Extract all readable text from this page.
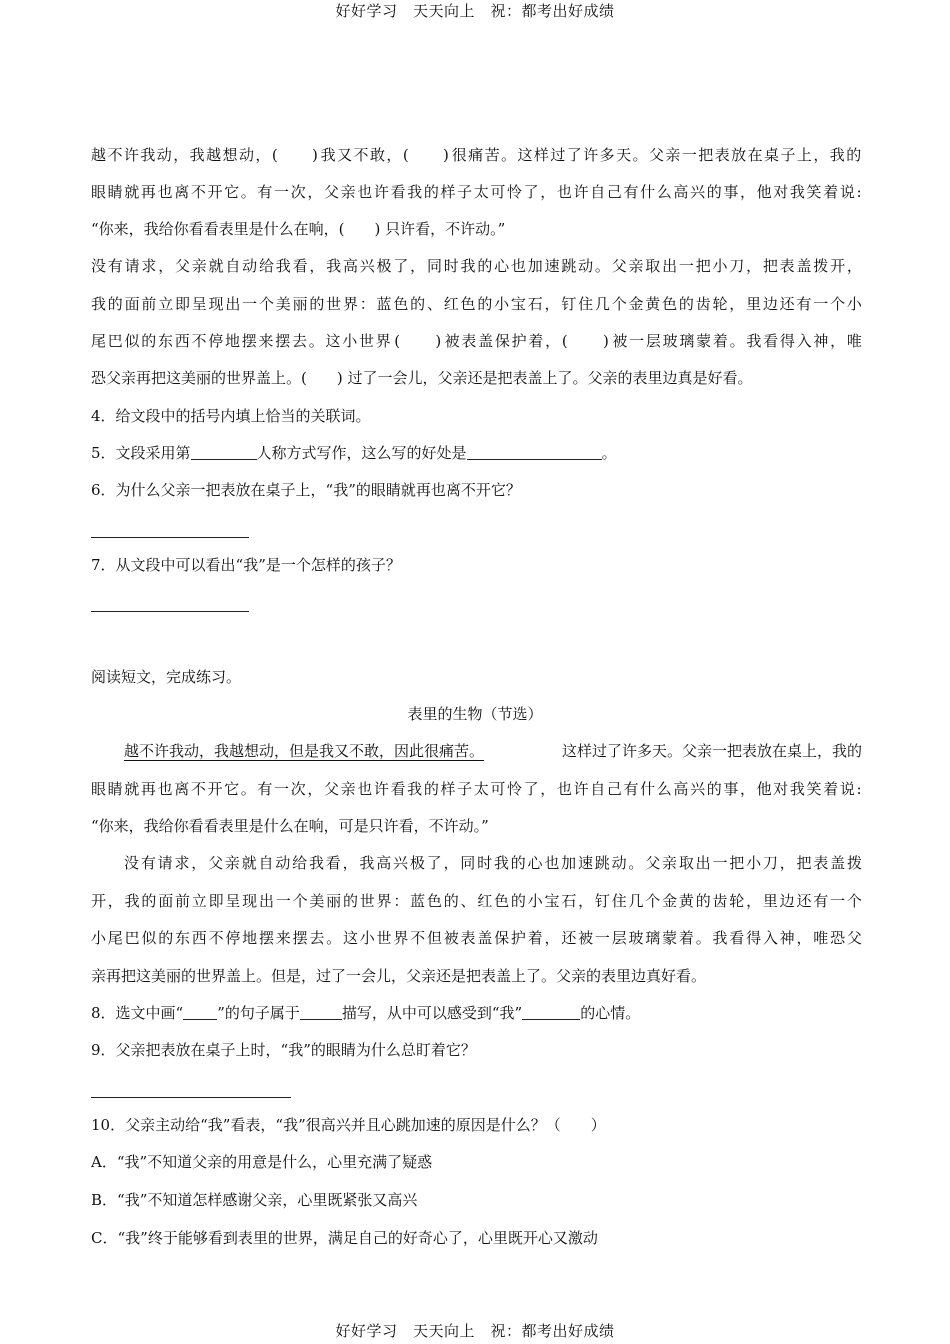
好好学习　天天向上　祝：都考出好成绩
越 不 许 我 动 ， 我 越 想 动 ， (

　 ) 我 又 不 敢 ， (

　 ) 很 痛 苦 。 这 样 过 了 许 多 天 。 父 亲 一 把 表 放 在 桌 子 上 ， 我 的
眼 睛 就 再 也 离 不 开 它 。 有 一 次 ， 父 亲 也 许 看 我 的 样 子 太 可 怜 了 ， 也 许 自 己 有 什 么 高 兴 的 事 ， 他 对 我 笑 着 说 :
“你来，我给你看看表里是什么在响，(　　) 只许看，不许动。”
没 有 请 求 ， 父 亲 就 自 动 给 我 看 ， 我 高 兴 极 了 ， 同 时 我 的 心 也 加 速 跳 动 。 父 亲 取 出 一 把 小 刀 ， 把 表 盖 拨 开 ，
我 的 面 前 立 即 呈 现 出 一 个 美 丽 的 世 界 ： 蓝 色 的 、 红 色 的 小 宝 石 ， 钉 住 几 个 金 黄 色 的 齿 轮 ， 里 边 还 有 一 个 小
尾 巴 似 的 东 西 不 停 地 摆 来 摆 去 。 这 小 世 界 (

　 ) 被 表 盖 保 护 着 ， (

　 ) 被 一 层 玻 璃 蒙 着 。 我 看 得 入 神 ， 唯
恐父亲再把这美丽的世界盖上。(　　) 过了一会儿，父亲还是把表盖上了。父亲的表里边真是好看。
4．给文段中的括号内填上恰当的关联词。
5．文段采用第	人称方式写作，这么写的好处是	。
6．为什么父亲一把表放在桌子上，“我”的眼睛就再也离不开它？
7．从文段中可以看出“我”是一个怎样的孩子？
阅读短文，完成练习。
表里的生物（节选）
越不许我动，我越想动，但是我又不敢，因此很痛苦。	这样过了许多天。父亲一把表放在桌上，我的
眼 睛 就 再 也 离 不 开 它 。 有 一 次 ， 父 亲 也 许 看 我 的 样 子 太 可 怜 了 ， 也 许 自 己 有 什 么 高 兴 的 事 ， 他 对 我 笑 着 说 :
“你来，我给你看看表里是什么在响，可是只许看，不许动。”
没 有 请 求 ， 父 亲 就 自 动 给 我 看 ， 我 高 兴 极 了 ， 同 时 我 的 心 也 加 速 跳 动 。 父 亲 取 出 一 把 小 刀 ， 把 表 盖 拨
开 ， 我 的 面 前 立 即 呈 现 出 一 个 美 丽 的 世 界 ： 蓝 色 的 、 红 色 的 小 宝 石 ， 钉 住 几 个 金 黄 的 齿 轮 ， 里 边 还 有 一 个
小 尾 巴 似 的 东 西 不 停 地 摆 来 摆 去 。 这 小 世 界 不 但 被 表 盖 保 护 着 ， 还 被 一 层 玻 璃 蒙 着 。 我 看 得 入 神 ， 唯 恐 父
亲再把这美丽的世界盖上。但是，过了一会儿，父亲还是把表盖上了。父亲的表里边真好看。
8．选文中画“ ”的句子属于	描写，从中可以感受到“我”	的心情。
9．父亲把表放在桌子上时，“我”的眼睛为什么总盯着它？
10．父亲主动给“我”看表，“我”很高兴并且心跳加速的原因是什么？（　　）
A．“我”不知道父亲的用意是什么，心里充满了疑惑
B．“我”不知道怎样感谢父亲，心里既紧张又高兴
C．“我”终于能够看到表里的世界，满足自己的好奇心了，心里既开心又激动
好好学习　天天向上　祝：都考出好成绩
